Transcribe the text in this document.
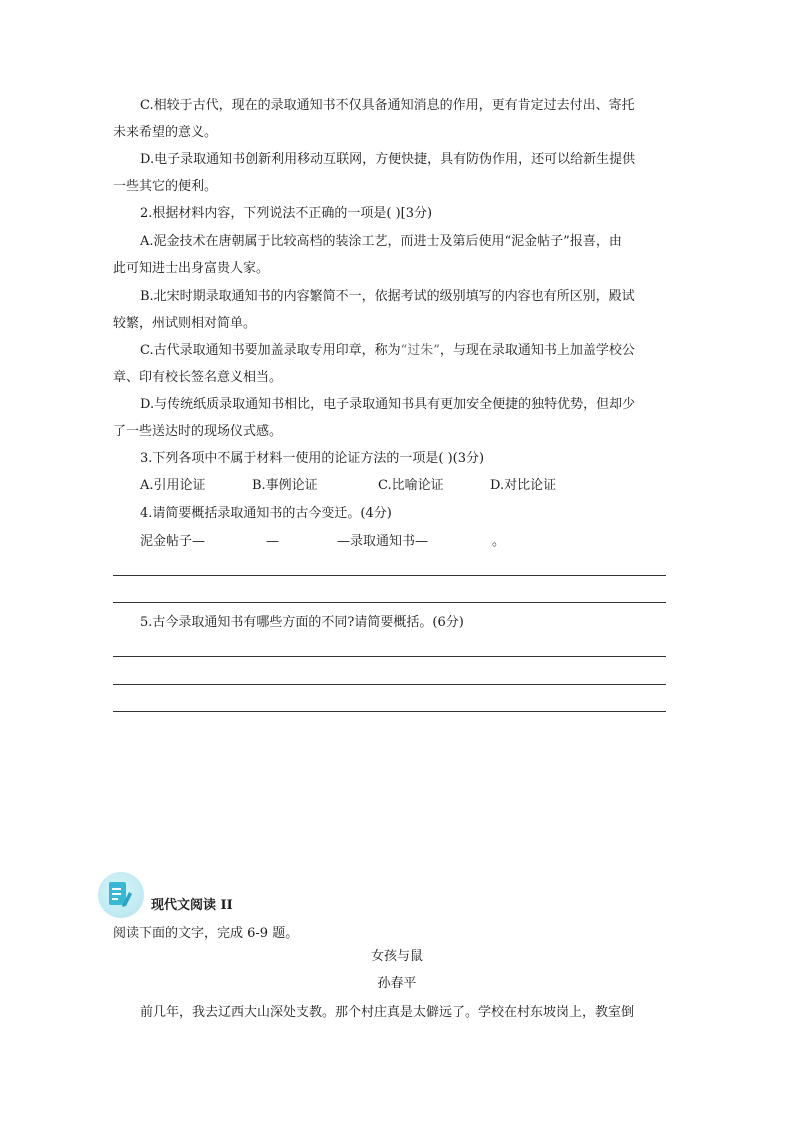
C.相较于古代，现在的录取通知书不仅具备通知消息的作用，更有肯定过去付出、寄托
未来希望的意义。
D.电子录取通知书创新利用移动互联网，方便快捷，具有防伪作用，还可以给新生提供
一些其它的便利。
2.根据材料内容，下列说法不正确的一项是( )[3分)
A.泥金技术在唐朝属于比较高档的装涂工艺，而进士及第后使用“泥金帖子”报喜，由
此可知进士出身富贵人家。
B.北宋时期录取通知书的内容繁简不一，依据考试的级别填写的内容也有所区别，殿试
较繁，州试则相对简单。
C.古代录取通知书要加盖录取专用印章，称为“过朱”，与现在录取通知书上加盖学校公
章、印有校长签名意义相当。
D.与传统纸质录取通知书相比，电子录取通知书具有更加安全便捷的独特优势，但却少
了一些送达时的现场仪式感。
3.下列各项中不属于材料一使用的论证方法的一项是( )(3分)
A.引用论证	B.事例论证	C.比喻论证	D.对比论证
4.请简要概括录取通知书的古今变迁。(4分)
泥金帖子—	—	—录取通知书—	。
5.古今录取通知书有哪些方面的不同?请简要概括。(6分)
现代文阅读 II
阅读下面的文字，完成 6-9 题。
女孩与鼠
孙春平
前几年，我去辽西大山深处支教。那个村庄真是太僻远了。学校在村东坡岗上，教室倒
